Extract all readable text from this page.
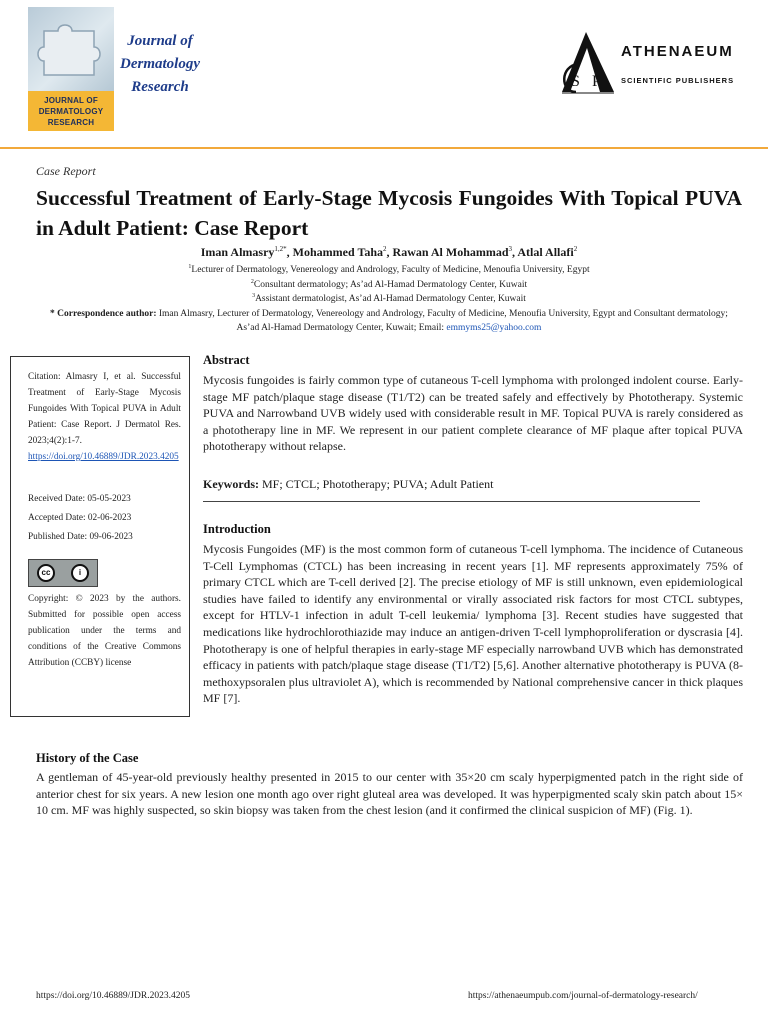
JOURNAL OF
DERMATOLOGY
RESEARCH
Journal of
Dermatology
Research	S P
ATHENAEUM
SCIENTIFIC PUBLISHERS
Case Report
Successful Treatment of Early-Stage Mycosis Fungoides With Topical PUVA in Adult Patient: Case Report
Iman Almasry$^{1,2*}$, Mohammed Taha$^2$, Rawan Al Mohammad$^3$, Atlal Allafi$^2$
$^1$Lecturer of Dermatology, Venereology and Andrology, Faculty of Medicine, Menoufia University, Egypt
$^2$Consultant dermatology; As’ad Al-Hamad Dermatology Center, Kuwait
$^3$Assistant dermatologist, As’ad Al-Hamad Dermatology Center, Kuwait
* Correspondence author: Iman Almasry, Lecturer of Dermatology, Venereology and Andrology, Faculty of Medicine, Menoufia University, Egypt and Consultant dermatology; As’ad Al-Hamad Dermatology Center, Kuwait; Email: emmyms25@yahoo.com
Citation: Almasry I, et al. Successful Treatment of Early-Stage Mycosis Fungoides With Topical PUVA in Adult Patient: Case Report. J Dermatol Res. 2023;4(2):1-7.
https://doi.org/10.46889/JDR.2023.4205

Received Date: 05-05-2023

Accepted Date: 02-06-2023

Published Date: 09-06-2023

cc	i
Copyright: © 2023 by the authors. Submitted for possible open access publication under the terms and conditions of the Creative Commons Attribution (CCBY) license
Abstract
Mycosis fungoides is fairly common type of cutaneous T-cell lymphoma with prolonged indolent course. Early-stage MF patch/plaque stage disease (T1/T2) can be treated safely and effectively by Phototherapy. Systemic PUVA and Narrowband UVB widely used with considerable result in MF. Topical PUVA is rarely considered as a phototherapy line in MF. We represent in our patient complete clearance of MF plaque after topical PUVA phototherapy without relapse.
Keywords: MF; CTCL; Phototherapy; PUVA; Adult Patient
Introduction
Mycosis Fungoides (MF) is the most common form of cutaneous T-cell lymphoma. The incidence of Cutaneous T-Cell Lymphomas (CTCL) has been increasing in recent years [1]. MF represents approximately 75% of primary CTCL which are T-cell derived [2]. The precise etiology of MF is still unknown, even epidemiological studies have failed to identify any environmental or virally associated risk factors for most CTCL subtypes, except for HTLV-1 infection in adult T-cell leukemia/ lymphoma [3]. Recent studies have suggested that medications like hydrochlorothiazide may induce an antigen-driven T-cell lymphoproliferation or dyscrasia [4]. Phototherapy is one of helpful therapies in early-stage MF especially narrowband UVB which has demonstrated efficacy in patients with patch/plaque stage disease (T1/T2) [5,6]. Another alternative phototherapy is PUVA (8-methoxypsoralen plus ultraviolet A), which is recommended by National comprehensive cancer in thick plaques MF [7].
History of the Case
A gentleman of 45-year-old previously healthy presented in 2015 to our center with 35×20 cm scaly hyperpigmented patch in the right side of anterior chest for six years. A new lesion one month ago over right gluteal area was developed. It was hyperpigmented scaly skin patch about 15× 10 cm. MF was highly suspected, so skin biopsy was taken from the chest lesion (and it confirmed the clinical suspicion of MF) (Fig. 1).
https://doi.org/10.46889/JDR.2023.4205	https://athenaeumpub.com/journal-of-dermatology-research/
